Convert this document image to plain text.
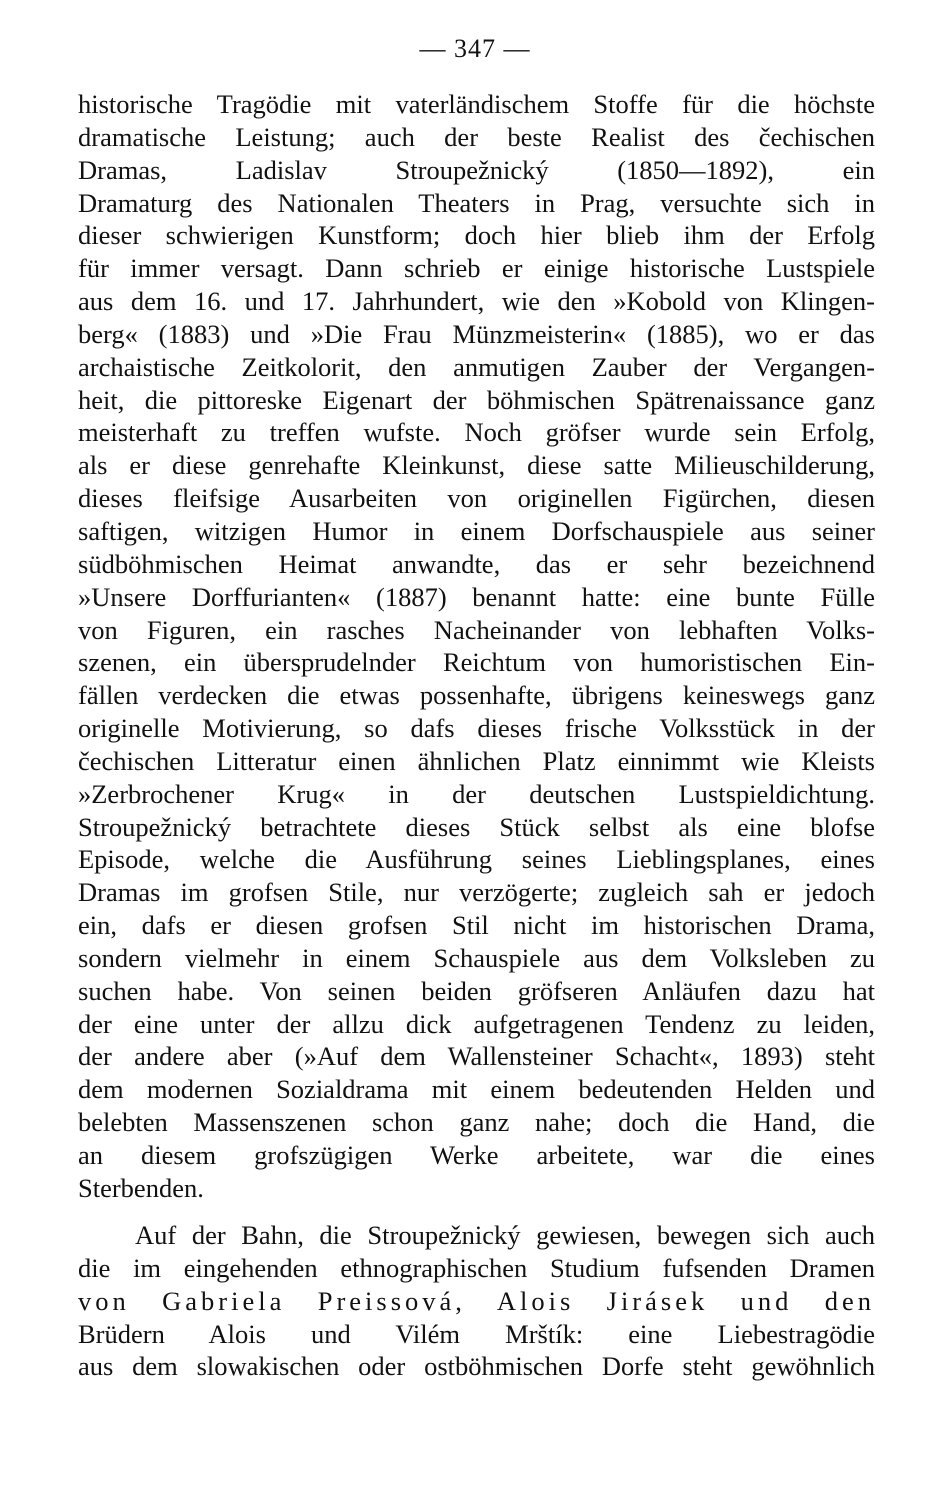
— 347 —
historische Tragödie mit vaterländischem Stoffe für die höchste
dramatische Leistung; auch der beste Realist des čechischen
Dramas, Ladislav Stroupežnický (1850—1892), ein
Dramaturg des Nationalen Theaters in Prag, versuchte sich in
dieser schwierigen Kunstform; doch hier blieb ihm der Erfolg
für immer versagt. Dann schrieb er einige historische Lustspiele
aus dem 16. und 17. Jahrhundert, wie den »Kobold von Klingen-
berg« (1883) und »Die Frau Münzmeisterin« (1885), wo er das
archaistische Zeitkolorit, den anmutigen Zauber der Vergangen-
heit, die pittoreske Eigenart der böhmischen Spätrenaissance ganz
meisterhaft zu treffen wufste. Noch gröfser wurde sein Erfolg,
als er diese genrehafte Kleinkunst, diese satte Milieuschilderung,
dieses fleifsige Ausarbeiten von originellen Figürchen, diesen
saftigen, witzigen Humor in einem Dorfschauspiele aus seiner
südböhmischen Heimat anwandte, das er sehr bezeichnend
»Unsere Dorffurianten« (1887) benannt hatte: eine bunte Fülle
von Figuren, ein rasches Nacheinander von lebhaften Volks-
szenen, ein übersprudelnder Reichtum von humoristischen Ein-
fällen verdecken die etwas possenhafte, übrigens keineswegs ganz
originelle Motivierung, so dafs dieses frische Volksstück in der
čechischen Litteratur einen ähnlichen Platz einnimmt wie Kleists
»Zerbrochener Krug« in der deutschen Lustspieldichtung.
Stroupežnický betrachtete dieses Stück selbst als eine blofse
Episode, welche die Ausführung seines Lieblingsplanes, eines
Dramas im grofsen Stile, nur verzögerte; zugleich sah er jedoch
ein, dafs er diesen grofsen Stil nicht im historischen Drama,
sondern vielmehr in einem Schauspiele aus dem Volksleben zu
suchen habe. Von seinen beiden gröfseren Anläufen dazu hat
der eine unter der allzu dick aufgetragenen Tendenz zu leiden,
der andere aber (»Auf dem Wallensteiner Schacht«, 1893) steht
dem modernen Sozialdrama mit einem bedeutenden Helden und
belebten Massenszenen schon ganz nahe; doch die Hand, die
an diesem grofszügigen Werke arbeitete, war die eines
Sterbenden.
Auf der Bahn, die Stroupežnický gewiesen, bewegen sich auch
die im eingehenden ethnographischen Studium fufsenden Dramen
von Gabriela Preissová, Alois Jirásek und den
Brüdern Alois und Vilém Mrštík: eine Liebestragödie
aus dem slowakischen oder ostböhmischen Dorfe steht gewöhnlich
